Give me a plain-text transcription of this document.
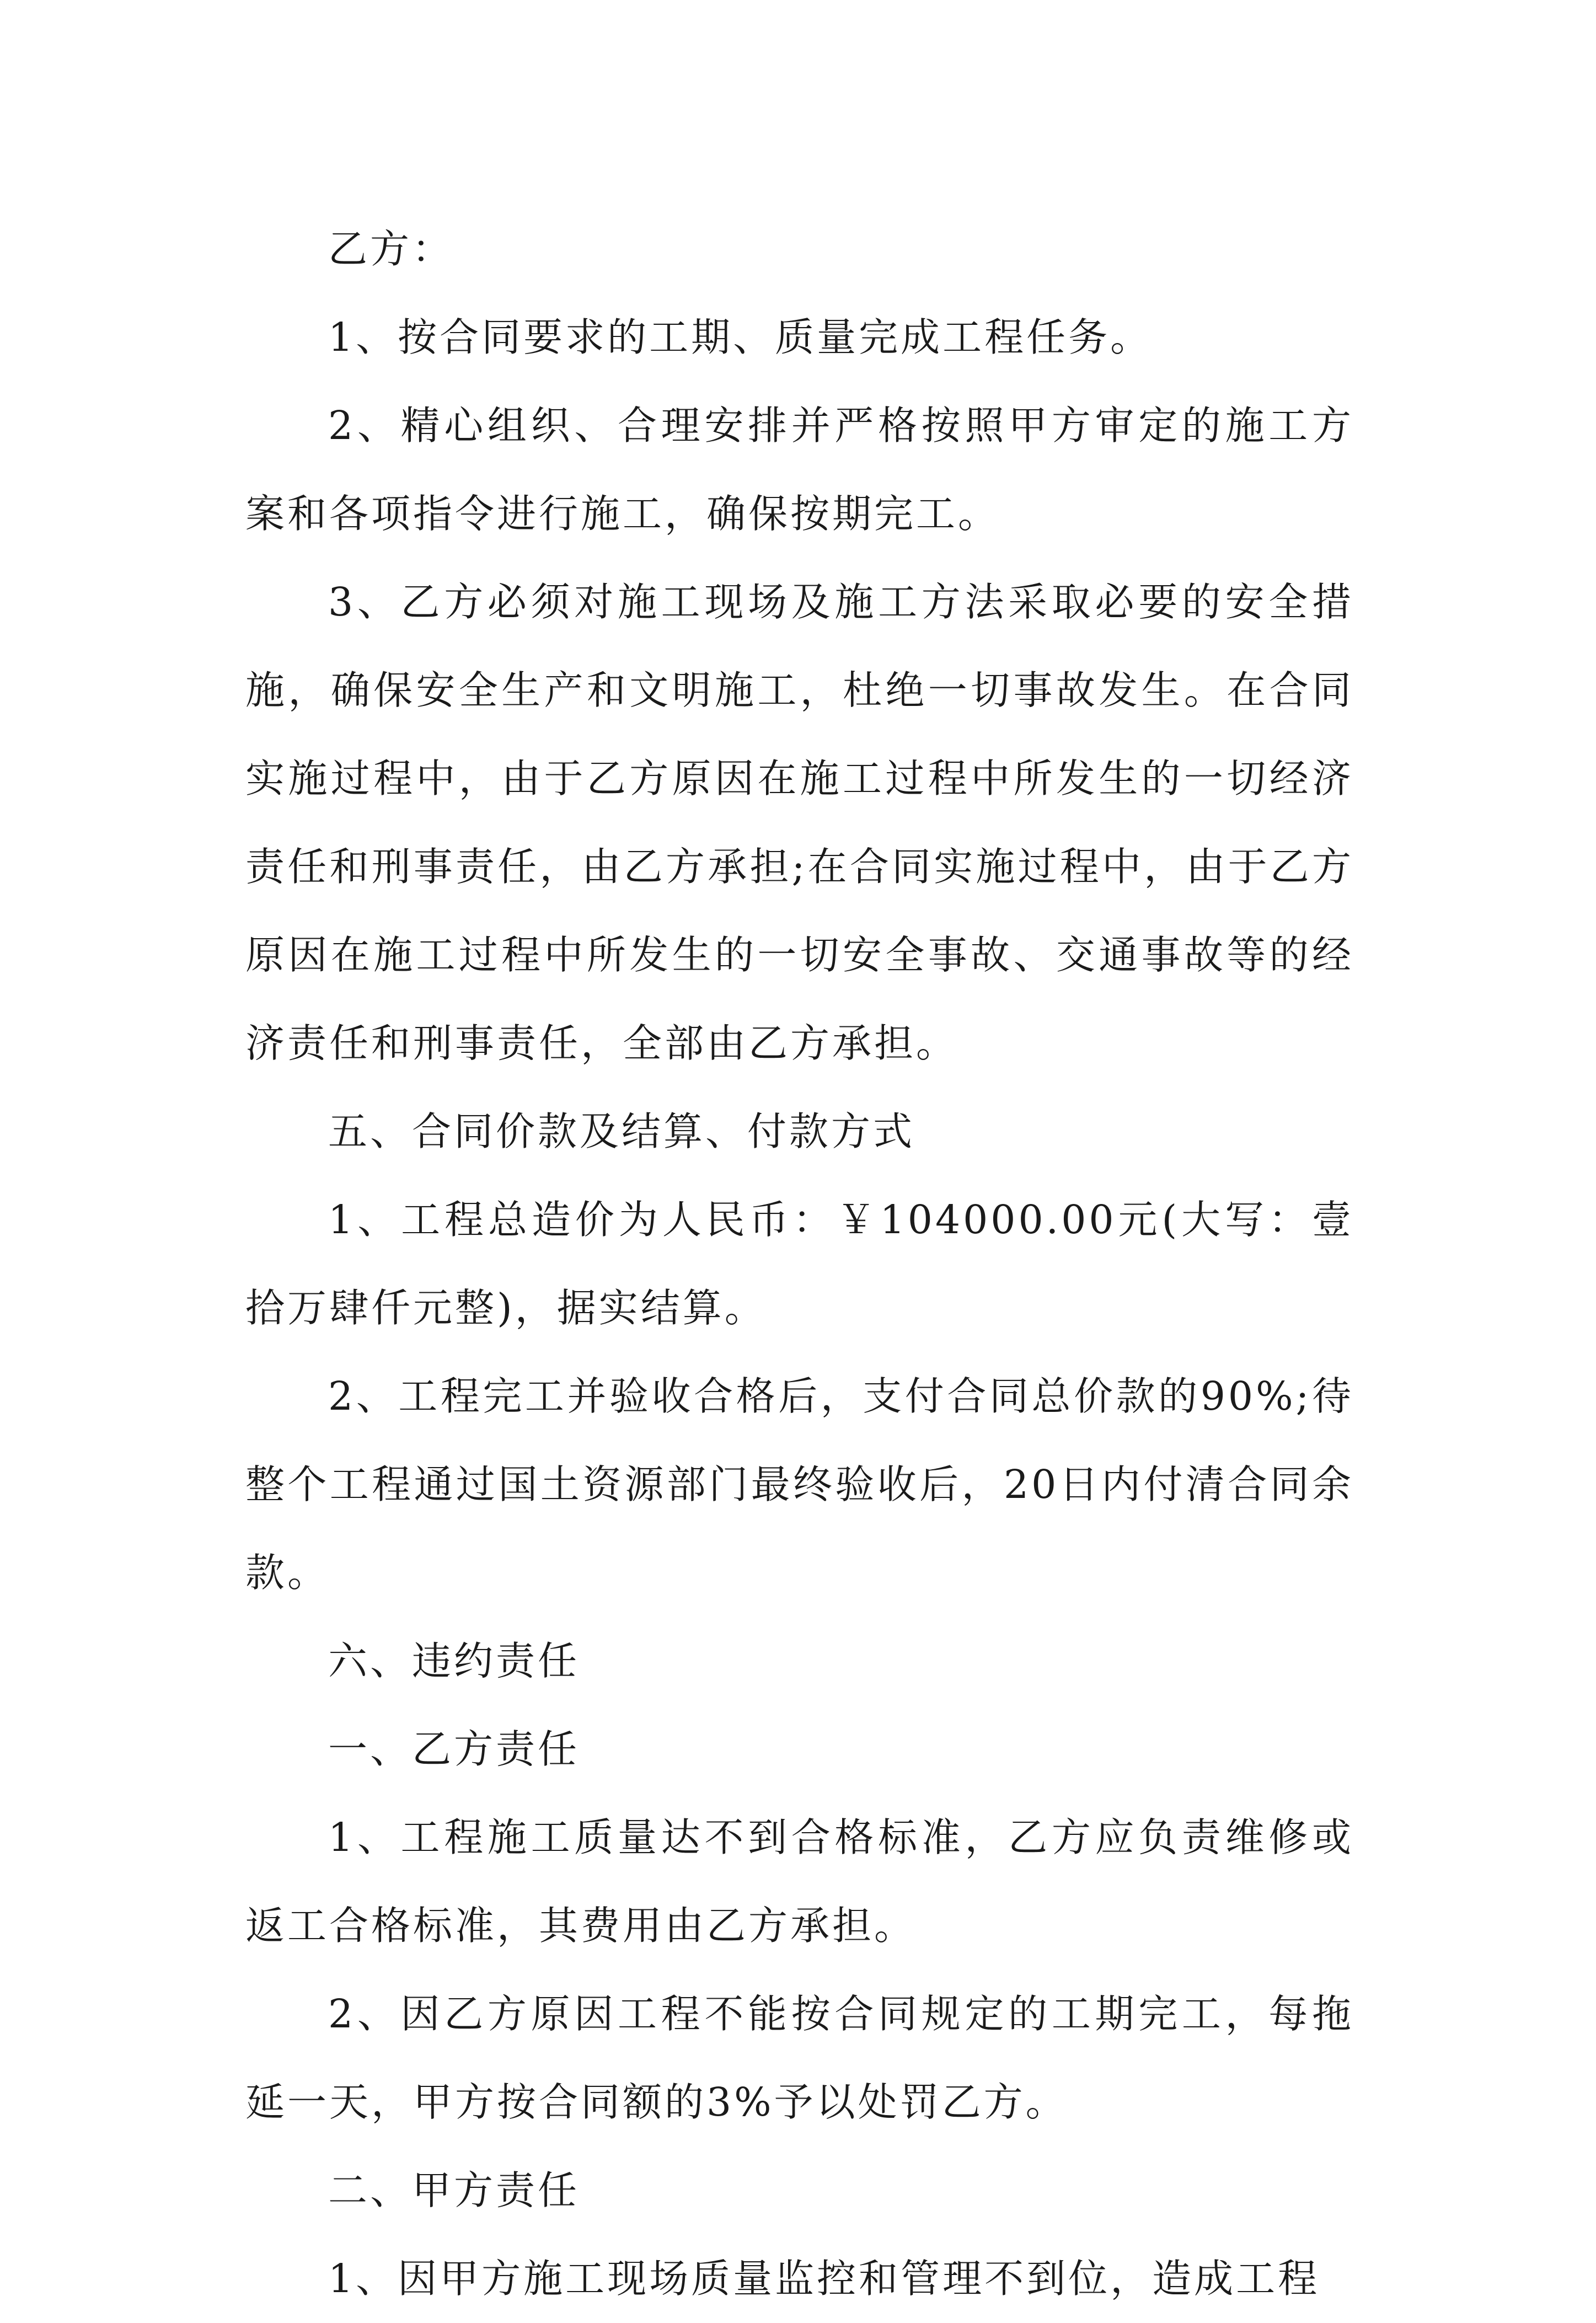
乙方：

1、按合同要求的工期、质量完成工程任务。

2、精心组织、合理安排并严格按照甲方审定的施工方案和各项指令进行施工，确保按期完工。

3、乙方必须对施工现场及施工方法采取必要的安全措施，确保安全生产和文明施工，杜绝一切事故发生。在合同实施过程中，由于乙方原因在施工过程中所发生的一切经济责任和刑事责任，由乙方承担;在合同实施过程中，由于乙方原因在施工过程中所发生的一切安全事故、交通事故等的经济责任和刑事责任，全部由乙方承担。

五、合同价款及结算、付款方式

1、工程总造价为人民币：￥104000.00元(大写：壹拾万肆仟元整)，据实结算。

2、工程完工并验收合格后，支付合同总价款的90%;待整个工程通过国土资源部门最终验收后，20日内付清合同余款。

六、违约责任

一、乙方责任

1、工程施工质量达不到合格标准，乙方应负责维修或返工合格标准，其费用由乙方承担。

2、因乙方原因工程不能按合同规定的工期完工，每拖延一天，甲方按合同额的3%予以处罚乙方。

二、甲方责任

1、因甲方施工现场质量监控和管理不到位，造成工程
